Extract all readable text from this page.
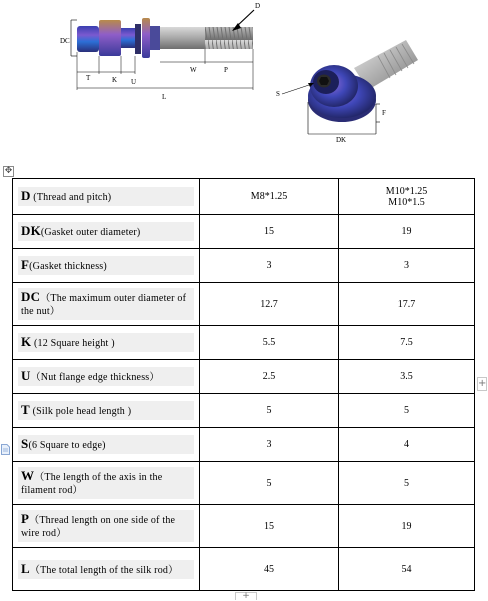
DC
D
T	K U
W	P
L	S
F
DK
✥
D (Thread and pitch)	M8*1.25	M10*1.25
M10*1.5

DK(Gasket outer diameter)	15	19

F(Gasket thickness)	3	3

DC（The maximum outer diameter of the nut）	12.7	17.7

K (12 Square height )	5.5	7.5

U（Nut flange edge thickness）	2.5	3.5

T (Silk pole head length )	5	5

S(6 Square to edge)	3	4

W（The length of the axis in the filament rod）	5	5

P（Thread length on one side of the wire rod）	15	19

L（The total length of the silk rod）	45	54
+
+
